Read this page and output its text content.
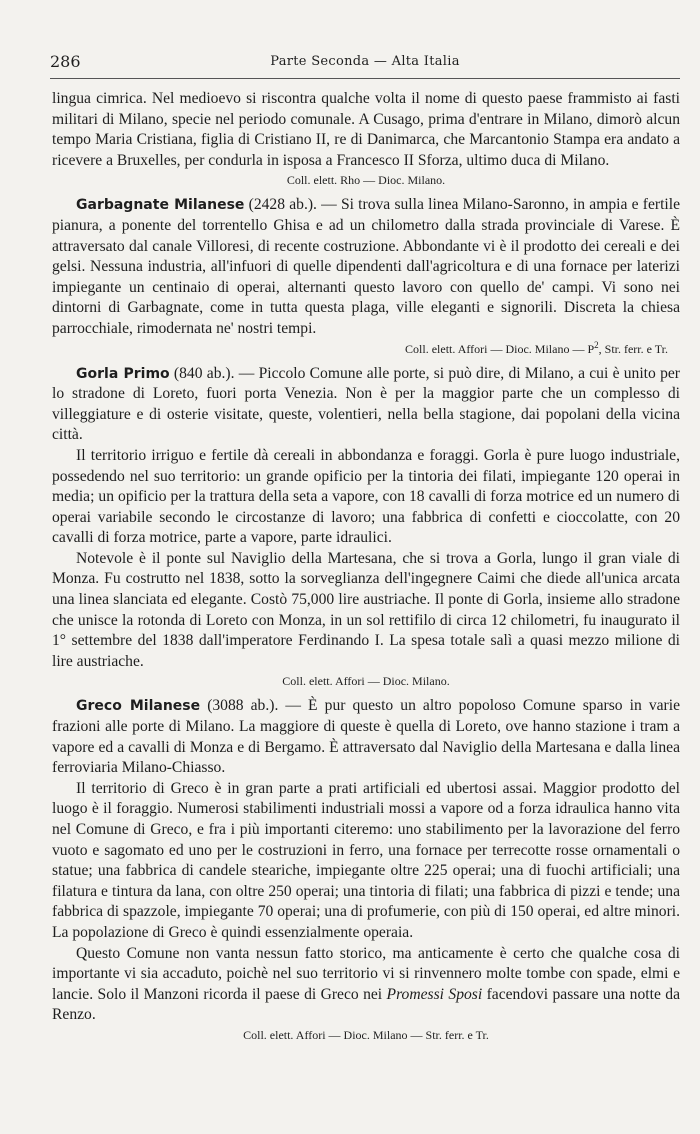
286	Parte Seconda — Alta Italia

lingua cimrica. Nel medioevo si riscontra qualche volta il nome di questo paese frammisto ai fasti militari di Milano, specie nel periodo comunale. A Cusago, prima d'entrare in Milano, dimorò alcun tempo Maria Cristiana, figlia di Cristiano II, re di Danimarca, che Marcantonio Stampa era andato a ricevere a Bruxelles, per condurla in isposa a Francesco II Sforza, ultimo duca di Milano.

Coll. elett. Rho — Dioc. Milano.

Garbagnate Milanese (2428 ab.). — Si trova sulla linea Milano-Saronno, in ampia e fertile pianura, a ponente del torrentello Ghisa e ad un chilometro dalla strada provinciale di Varese. È attraversato dal canale Villoresi, di recente costruzione. Abbondante vi è il prodotto dei cereali e dei gelsi. Nessuna industria, all'infuori di quelle dipendenti dall'agricoltura e di una fornace per laterizi impiegante un centinaio di operai, alternanti questo lavoro con quello de' campi. Vi sono nei dintorni di Garbagnate, come in tutta questa plaga, ville eleganti e signorili. Discreta la chiesa parrocchiale, rimodernata ne' nostri tempi.

Coll. elett. Affori — Dioc. Milano — $P^2$, Str. ferr. e Tr.

Gorla Primo (840 ab.). — Piccolo Comune alle porte, si può dire, di Milano, a cui è unito per lo stradone di Loreto, fuori porta Venezia. Non è per la maggior parte che un complesso di villeggiature e di osterie visitate, queste, volentieri, nella bella stagione, dai popolani della vicina città.

Il territorio irriguo e fertile dà cereali in abbondanza e foraggi. Gorla è pure luogo industriale, possedendo nel suo territorio: un grande opificio per la tintoria dei filati, impiegante 120 operai in media; un opificio per la trattura della seta a vapore, con 18 cavalli di forza motrice ed un numero di operai variabile secondo le circostanze di lavoro; una fabbrica di confetti e cioccolatte, con 20 cavalli di forza motrice, parte a vapore, parte idraulici.

Notevole è il ponte sul Naviglio della Martesana, che si trova a Gorla, lungo il gran viale di Monza. Fu costrutto nel 1838, sotto la sorveglianza dell'ingegnere Caimi che diede all'unica arcata una linea slanciata ed elegante. Costò 75,000 lire austriache. Il ponte di Gorla, insieme allo stradone che unisce la rotonda di Loreto con Monza, in un sol rettifilo di circa 12 chilometri, fu inaugurato il 1° settembre del 1838 dall'imperatore Ferdinando I. La spesa totale salì a quasi mezzo milione di lire austriache.

Coll. elett. Affori — Dioc. Milano.

Greco Milanese (3088 ab.). — È pur questo un altro popoloso Comune sparso in varie frazioni alle porte di Milano. La maggiore di queste è quella di Loreto, ove hanno stazione i tram a vapore ed a cavalli di Monza e di Bergamo. È attraversato dal Naviglio della Martesana e dalla linea ferroviaria Milano-Chiasso.

Il territorio di Greco è in gran parte a prati artificiali ed ubertosi assai. Maggior prodotto del luogo è il foraggio. Numerosi stabilimenti industriali mossi a vapore od a forza idraulica hanno vita nel Comune di Greco, e fra i più importanti citeremo: uno stabilimento per la lavorazione del ferro vuoto e sagomato ed uno per le costruzioni in ferro, una fornace per terrecotte rosse ornamentali o statue; una fabbrica di candele steariche, impiegante oltre 225 operai; una di fuochi artificiali; una filatura e tintura da lana, con oltre 250 operai; una tintoria di filati; una fabbrica di pizzi e tende; una fabbrica di spazzole, impiegante 70 operai; una di profumerie, con più di 150 operai, ed altre minori. La popolazione di Greco è quindi essenzialmente operaia.

Questo Comune non vanta nessun fatto storico, ma anticamente è certo che qualche cosa di importante vi sia accaduto, poichè nel suo territorio vi si rinvennero molte tombe con spade, elmi e lancie. Solo il Manzoni ricorda il paese di Greco nei Promessi Sposi facendovi passare una notte da Renzo.

Coll. elett. Affori — Dioc. Milano — Str. ferr. e Tr.
